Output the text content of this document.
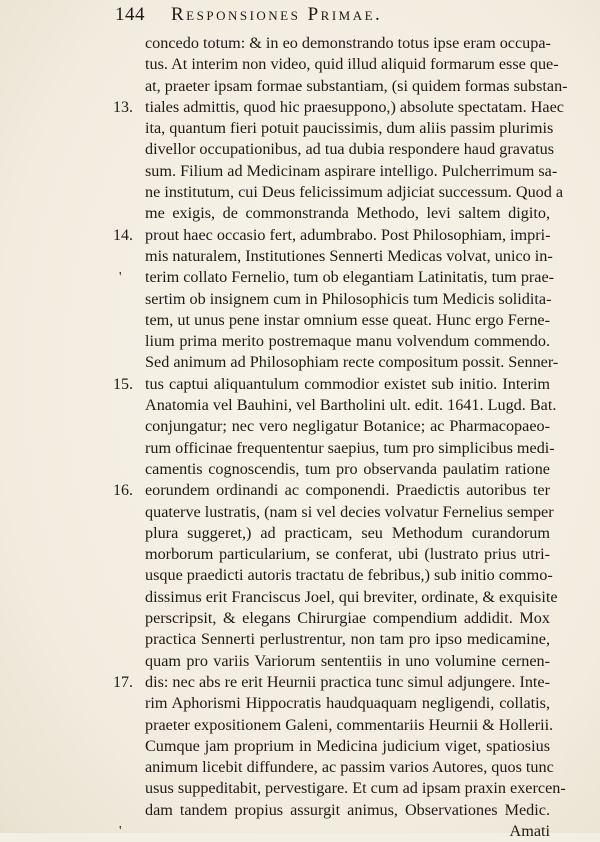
144 Responsiones Primae.
concedo totum: & in eo demonstrando totus ipse eram occupa-
tus. At interim non video, quid illud aliquid formarum esse que-
at, praeter ipsam formae substantiam, (si quidem formas substan-
13. tiales admittis, quod hic praesuppono,) absolute spectatam. Haec
ita, quantum fieri potuit paucissimis, dum aliis passim plurimis
divellor occupationibus, ad tua dubia respondere haud gravatus
sum. Filium ad Medicinam aspirare intelligo. Pulcherrimum sa-
ne institutum, cui Deus felicissimum adjiciat successum. Quod a
me exigis, de commonstranda Methodo, levi saltem digito,
14. prout haec occasio fert, adumbrabo. Post Philosophiam, impri-
mis naturalem, Institutiones Sennerti Medicas volvat, unico in-
' terim collato Fernelio, tum ob elegantiam Latinitatis, tum prae-
sertim ob insignem cum in Philosophicis tum Medicis solidita-
tem, ut unus pene instar omnium esse queat. Hunc ergo Ferne-
lium prima merito postremaque manu volvendum commendo.
Sed animum ad Philosophiam recte compositum possit. Senner-
15. tus captui aliquantulum commodior existet sub initio. Interim
Anatomia vel Bauhini, vel Bartholini ult. edit. 1641. Lugd. Bat.
conjungatur; nec vero negligatur Botanice; ac Pharmacopaeo-
rum officinae frequententur saepius, tum pro simplicibus medi-
camentis cognoscendis, tum pro observanda paulatim ratione
16. eorundem ordinandi ac componendi. Praedictis autoribus ter
quaterve lustratis, (nam si vel decies volvatur Fernelius semper
plura suggeret,) ad practicam, seu Methodum curandorum
morborum particularium, se conferat, ubi (lustrato prius utri-
usque praedicti autoris tractatu de febribus,) sub initio commo-
dissimus erit Franciscus Joel, qui breviter, ordinate, & exquisite
perscripsit, & elegans Chirurgiae compendium addidit. Mox
practica Sennerti perlustrentur, non tam pro ipso medicamine,
quam pro variis Variorum sententiis in uno volumine cernen-
17. dis: nec abs re erit Heurnii practica tunc simul adjungere. Inte-
rim Aphorismi Hippocratis haudquaquam negligendi, collatis,
praeter expositionem Galeni, commentariis Heurnii & Hollerii.
Cumque jam proprium in Medicina judicium viget, spatiosius
animum licebit diffundere, ac passim varios Autores, quos tunc
usus suppeditabit, pervestigare. Et cum ad ipsam praxin exercen-
dam tandem propius assurgit animus, Observationes Medic.
'	Amati
